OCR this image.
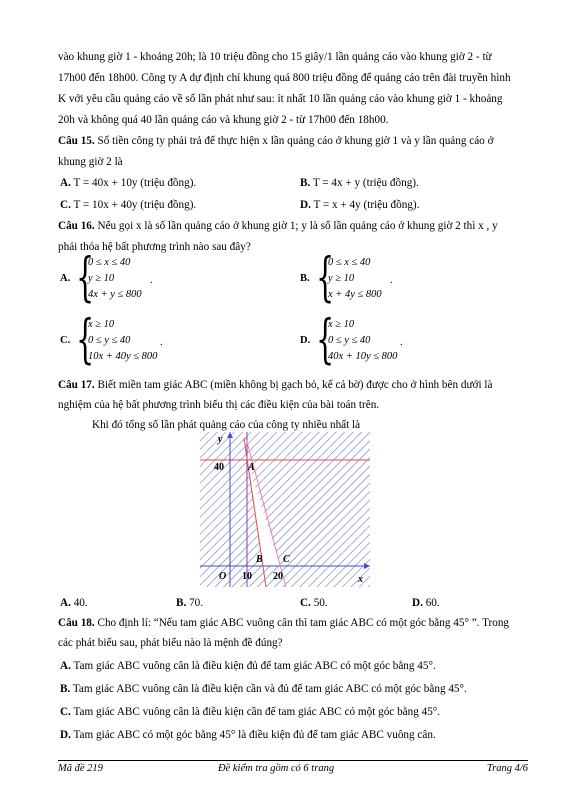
vào khung giờ 1 - khoảng 20h; là 10 triệu đồng cho 15 giây/1 lần quảng cáo vào khung giờ 2 - từ
17h00 đến 18h00. Công ty A dự định chỉ khung quá 800 triệu đồng để quảng cáo trên đài truyền hình
K với yêu cầu quảng cáo về số lần phát như sau: ít nhất 10 lần quảng cáo vào khung giờ 1 - khoảng
20h và không quá 40 lần quảng cáo và khung giờ 2 - từ 17h00 đến 18h00.
Câu 15. Số tiền công ty phải trả để thực hiện x lần quảng cáo ở khung giờ 1 và y lần quảng cáo ở
khung giờ 2 là
A. T = 40x + 10y (triệu đồng).	B. T = 4x + y (triệu đồng).
C. T = 10x + 40y (triệu đồng).	D. T = x + 4y (triệu đồng).
Câu 16. Nếu gọi x là số lần quảng cáo ở khung giờ 1; y là số lần quảng cáo ở khung giờ 2 thì x , y
phải thỏa hệ bất phương trình nào sau đây?
A. {
0 ≤ x ≤ 40
y ≥ 10
4x + y ≤ 800
.	B. {
0 ≤ x ≤ 40
y ≥ 10
x + 4y ≤ 800
.
C. {
x ≥ 10
0 ≤ y ≤ 40
10x + 40y ≤ 800
.	D. {
x ≥ 10
0 ≤ y ≤ 40
40x + 10y ≤ 800
.
Câu 17. Biết miền tam giác ABC (miền không bị gạch bỏ, kể cả bờ) được cho ở hình bên dưới là
nghiệm của hệ bất phương trình biểu thị các điều kiện của bài toán trên.
Khi đó tổng số lần phát quảng cáo của công ty nhiều nhất là
y
x
40 A
B C
O 10 20
A. 40.	B. 70.	C. 50.	D. 60.
Câu 18. Cho định lí: “Nếu tam giác ABC vuông cân thì tam giác ABC có một góc bằng 45° ”. Trong
các phát biểu sau, phát biểu nào là mệnh đề đúng?
A. Tam giác ABC vuông cân là điều kiện đủ để tam giác ABC có một góc bằng 45°.
B. Tam giác ABC vuông cân là điều kiện cần và đủ để tam giác ABC có một góc bằng 45°.
C. Tam giác ABC vuông cân là điều kiện cần để tam giác ABC có một góc bằng 45°.
D. Tam giác ABC có một góc bằng 45° là điều kiện đủ để tam giác ABC vuông cân.
Mã đề 219	Đề kiểm tra gồm có 6 trang	Trang 4/6
